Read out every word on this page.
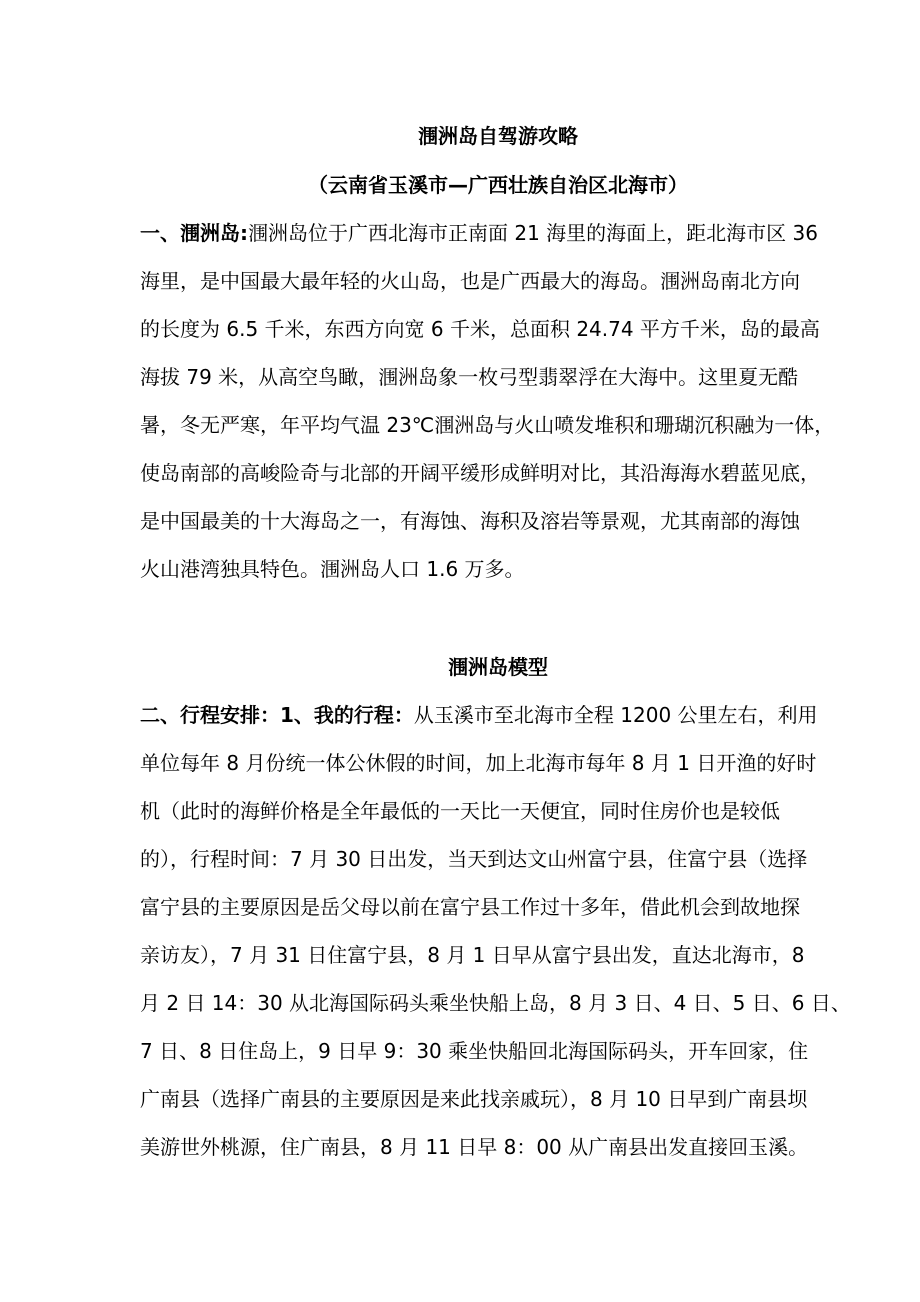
涠洲岛自驾游攻略
（云南省玉溪市—广西壮族自治区北海市）
一、涠洲岛:涠洲岛位于广西北海市正南面 21 海里的海面上，距北海市区 36
海里，是中国最大最年轻的火山岛，也是广西最大的海岛。涠洲岛南北方向
的长度为 6.5 千米，东西方向宽 6 千米，总面积 24.74 平方千米，岛的最高
海拔 79 米，从高空鸟瞰，涠洲岛象一枚弓型翡翠浮在大海中。这里夏无酷
暑，冬无严寒，年平均气温 23℃涠洲岛与火山喷发堆积和珊瑚沉积融为一体，
使岛南部的高峻险奇与北部的开阔平缓形成鲜明对比，其沿海海水碧蓝见底，
是中国最美的十大海岛之一，有海蚀、海积及溶岩等景观，尤其南部的海蚀
火山港湾独具特色。涠洲岛人口 1.6 万多。
涠洲岛模型
二、行程安排：1、我的行程：从玉溪市至北海市全程 1200 公里左右，利用
单位每年 8 月份统一体公休假的时间，加上北海市每年 8 月 1 日开渔的好时
机（此时的海鲜价格是全年最低的一天比一天便宜，同时住房价也是较低
的），行程时间：7 月 30 日出发，当天到达文山州富宁县，住富宁县（选择
富宁县的主要原因是岳父母以前在富宁县工作过十多年，借此机会到故地探
亲访友），7 月 31 日住富宁县，8 月 1 日早从富宁县出发，直达北海市，8
月 2 日 14：30 从北海国际码头乘坐快船上岛，8 月 3 日、4 日、5 日、6 日、
7 日、8 日住岛上，9 日早 9：30 乘坐快船回北海国际码头，开车回家，住
广南县（选择广南县的主要原因是来此找亲戚玩），8 月 10 日早到广南县坝
美游世外桃源，住广南县，8 月 11 日早 8：00 从广南县出发直接回玉溪。
